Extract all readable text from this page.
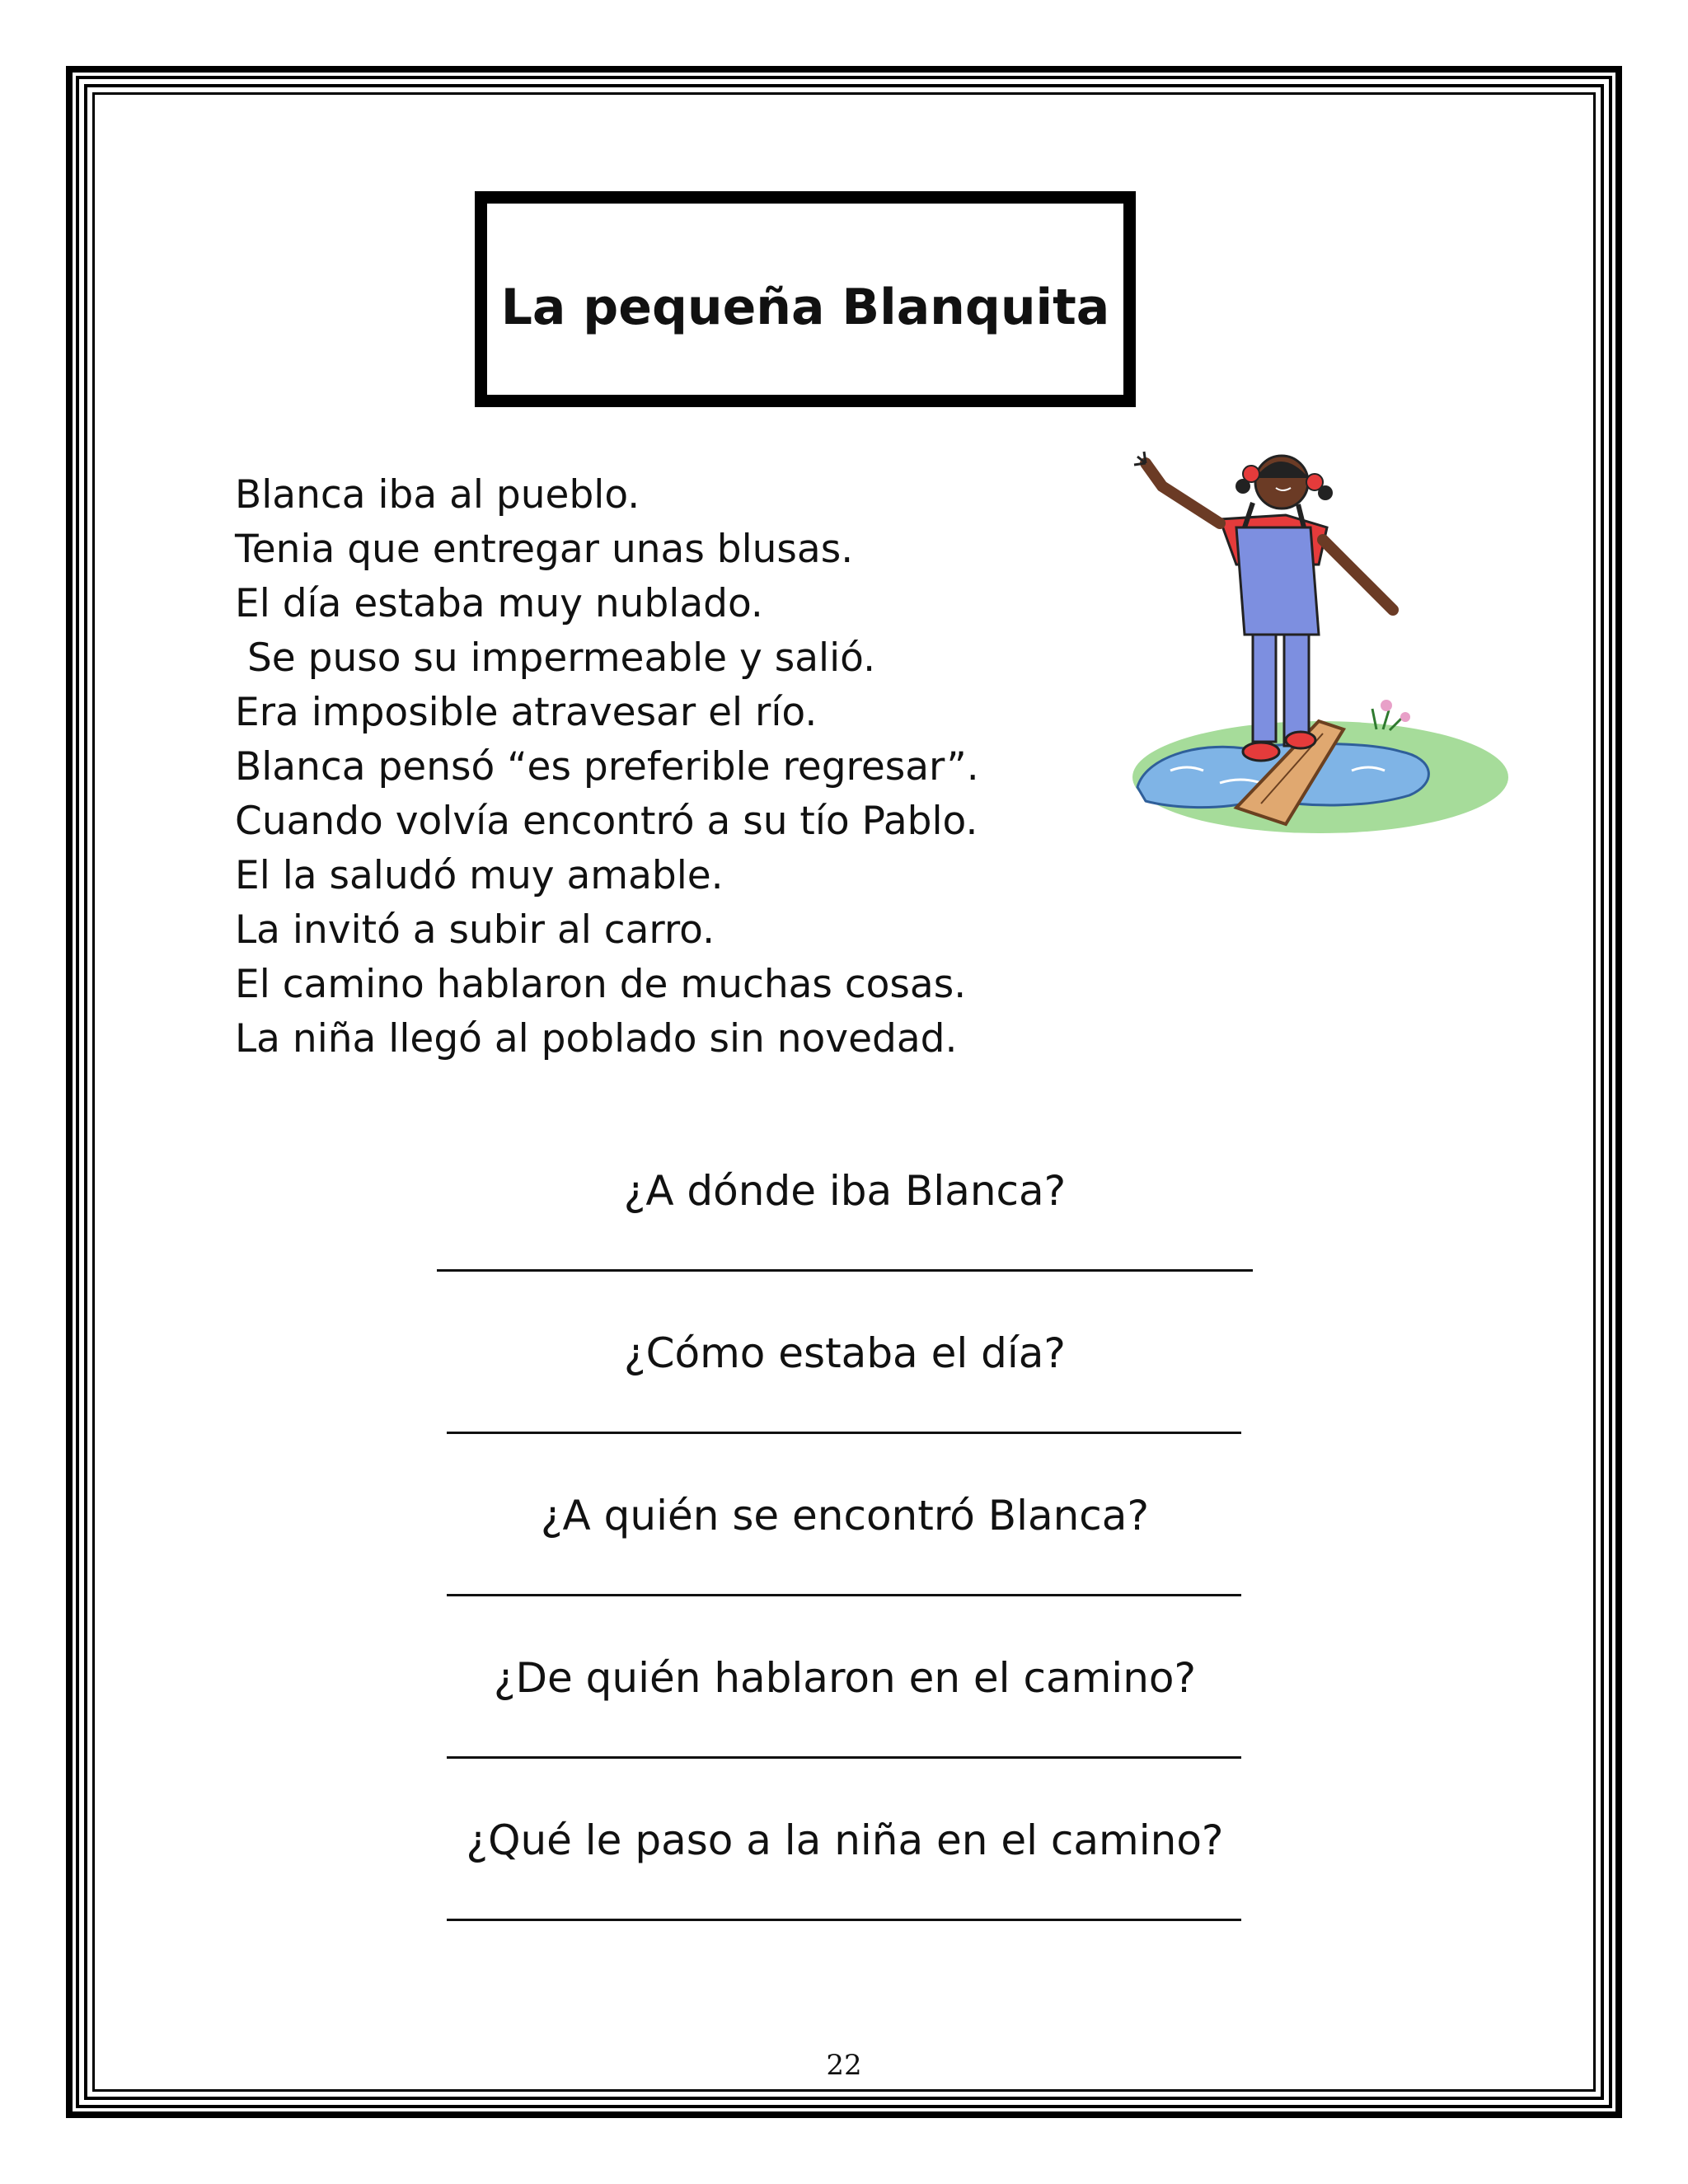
La pequeña Blanquita
Blanca iba al pueblo.
Tenia que entregar unas blusas.
El día estaba muy nublado.
Se puso su impermeable y salió.
Era imposible atravesar el río.
Blanca pensó “es preferible regresar”.
Cuando volvía encontró a su tío Pablo.
El la saludó muy amable.
La invitó a subir al carro.
El camino hablaron de muchas cosas.
La niña llegó al poblado sin novedad.
¿A dónde iba Blanca?
¿Cómo estaba el día?
¿A quién se encontró Blanca?
¿De quién hablaron en el camino?
¿Qué le paso a la niña en el camino?
22
